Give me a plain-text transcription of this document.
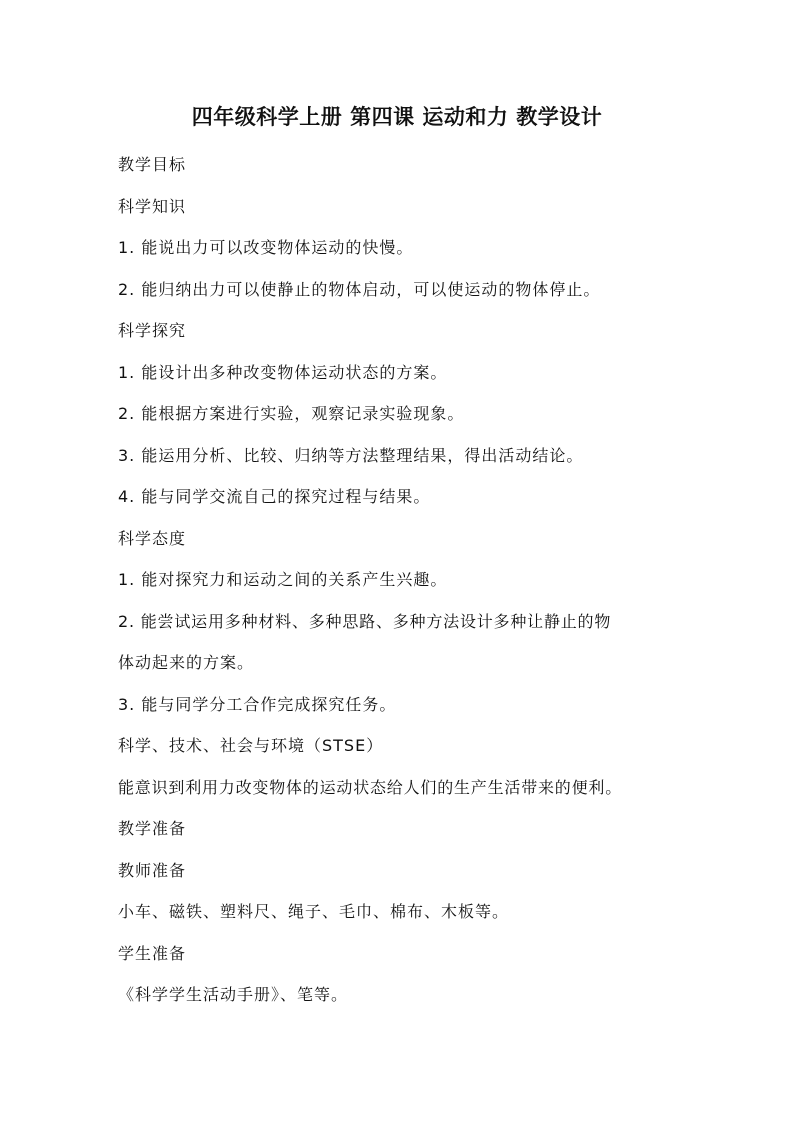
四年级科学上册 第四课 运动和力 教学设计
教学目标
科学知识
1. 能说出力可以改变物体运动的快慢。
2. 能归纳出力可以使静止的物体启动，可以使运动的物体停止。
科学探究
1. 能设计出多种改变物体运动状态的方案。
2. 能根据方案进行实验，观察记录实验现象。
3. 能运用分析、比较、归纳等方法整理结果，得出活动结论。
4. 能与同学交流自己的探究过程与结果。
科学态度
1. 能对探究力和运动之间的关系产生兴趣。
2. 能尝试运用多种材料、多种思路、多种方法设计多种让静止的物
体动起来的方案。
3. 能与同学分工合作完成探究任务。
科学、技术、社会与环境（STSE）
能意识到利用力改变物体的运动状态给人们的生产生活带来的便利。
教学准备
教师准备
小车、磁铁、塑料尺、绳子、毛巾、棉布、木板等。
学生准备
《科学学生活动手册》、笔等。
